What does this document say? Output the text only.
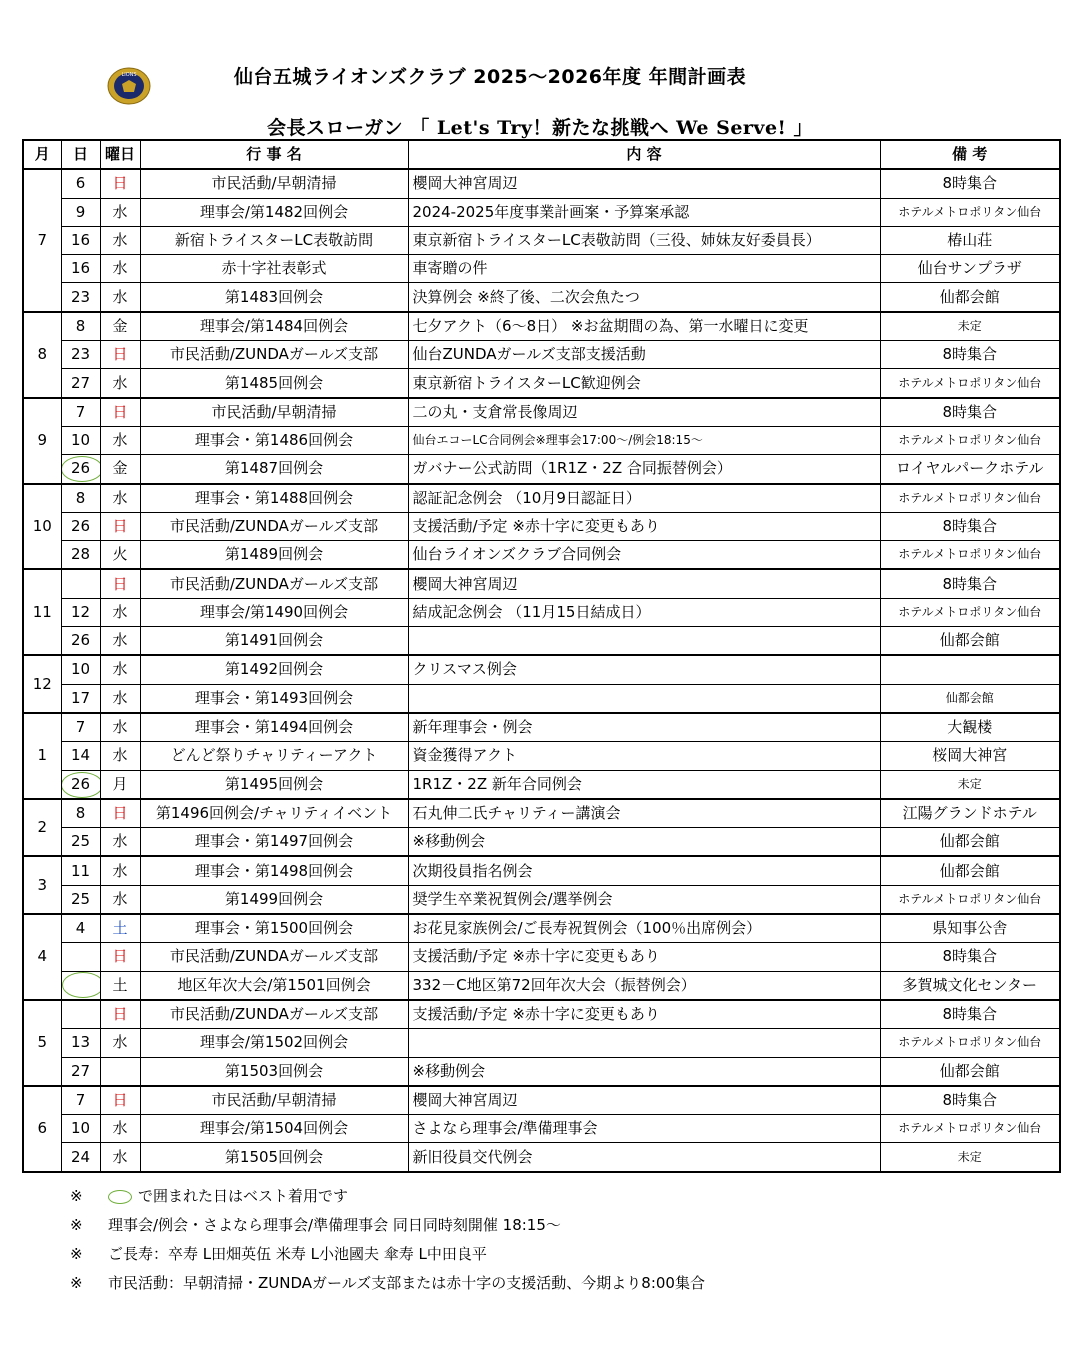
LIONS	仙台五城ライオンズクラブ 2025～2026年度 年間計画表
会長スローガン 「 Let's Try！新たな挑戦へ We Serve! 」
月	日	曜日	行 事 名	内 容	備 考
7	6	日	市民活動/早朝清掃	櫻岡大神宮周辺	8時集合
	9	水	理事会/第1482回例会	2024-2025年度事業計画案・予算案承認	ホテルメトロポリタン仙台
	16	水	新宿トライスターLC表敬訪問	東京新宿トライスターLC表敬訪問（三役、姉妹友好委員長）	椿山荘
	16	水	赤十字社表彰式	車寄贈の件	仙台サンプラザ
	23	水	第1483回例会	決算例会 ※終了後、二次会魚たつ	仙都会館
8	8	金	理事会/第1484回例会	七夕アクト（6～8日） ※お盆期間の為、第一水曜日に変更	未定
	23	日	市民活動/ZUNDAガールズ支部	仙台ZUNDAガールズ支部支援活動	8時集合
	27	水	第1485回例会	東京新宿トライスターLC歓迎例会	ホテルメトロポリタン仙台
9	7	日	市民活動/早朝清掃	二の丸・支倉常長像周辺	8時集合
	10	水	理事会・第1486回例会	仙台エコーLC合同例会※理事会17:00～/例会18:15～	ホテルメトロポリタン仙台
	26	金	第1487回例会	ガバナー公式訪問（1R1Z・2Z 合同振替例会）	ロイヤルパークホテル
10	8	水	理事会・第1488回例会	認証記念例会 （10月9日認証日）	ホテルメトロポリタン仙台
	26	日	市民活動/ZUNDAガールズ支部	支援活動/予定 ※赤十字に変更もあり	8時集合
	28	火	第1489回例会	仙台ライオンズクラブ合同例会	ホテルメトロポリタン仙台
11		日	市民活動/ZUNDAガールズ支部	櫻岡大神宮周辺	8時集合
	12	水	理事会/第1490回例会	結成記念例会 （11月15日結成日）	ホテルメトロポリタン仙台
	26	水	第1491回例会		仙都会館
12	10	水	第1492回例会	クリスマス例会	
	17	水	理事会・第1493回例会		仙都会館
1	7	水	理事会・第1494回例会	新年理事会・例会	大観楼
	14	水	どんど祭りチャリティーアクト	資金獲得アクト	桜岡大神宮
	26	月	第1495回例会	1R1Z・2Z 新年合同例会	未定
2	8	日	第1496回例会/チャリティイベント	石丸伸二氏チャリティー講演会	江陽グランドホテル
	25	水	理事会・第1497回例会	※移動例会	仙都会館
3	11	水	理事会・第1498回例会	次期役員指名例会	仙都会館
	25	水	第1499回例会	奨学生卒業祝賀例会/選挙例会	ホテルメトロポリタン仙台
4	4	土	理事会・第1500回例会	お花見家族例会/ご長寿祝賀例会（100％出席例会）	県知事公舎
		日	市民活動/ZUNDAガールズ支部	支援活動/予定 ※赤十字に変更もあり	8時集合
		土	地区年次大会/第1501回例会	332－C地区第72回年次大会（振替例会）	多賀城文化センター
5		日	市民活動/ZUNDAガールズ支部	支援活動/予定 ※赤十字に変更もあり	8時集合
	13	水	理事会/第1502回例会		ホテルメトロポリタン仙台
	27		第1503回例会	※移動例会	仙都会館
6	7	日	市民活動/早朝清掃	櫻岡大神宮周辺	8時集合
	10	水	理事会/第1504回例会	さよなら理事会/準備理事会	ホテルメトロポリタン仙台
	24	水	第1505回例会	新旧役員交代例会	未定
※	で囲まれた日はベスト着用です
※ 理事会/例会・さよなら理事会/準備理事会 同日同時刻開催 18:15～
※ ご長寿：卒寿 L田畑英伍 米寿 L小池國夫 傘寿 L中田良平
※ 市民活動：早朝清掃・ZUNDAガールズ支部または赤十字の支援活動、今期より8:00集合
